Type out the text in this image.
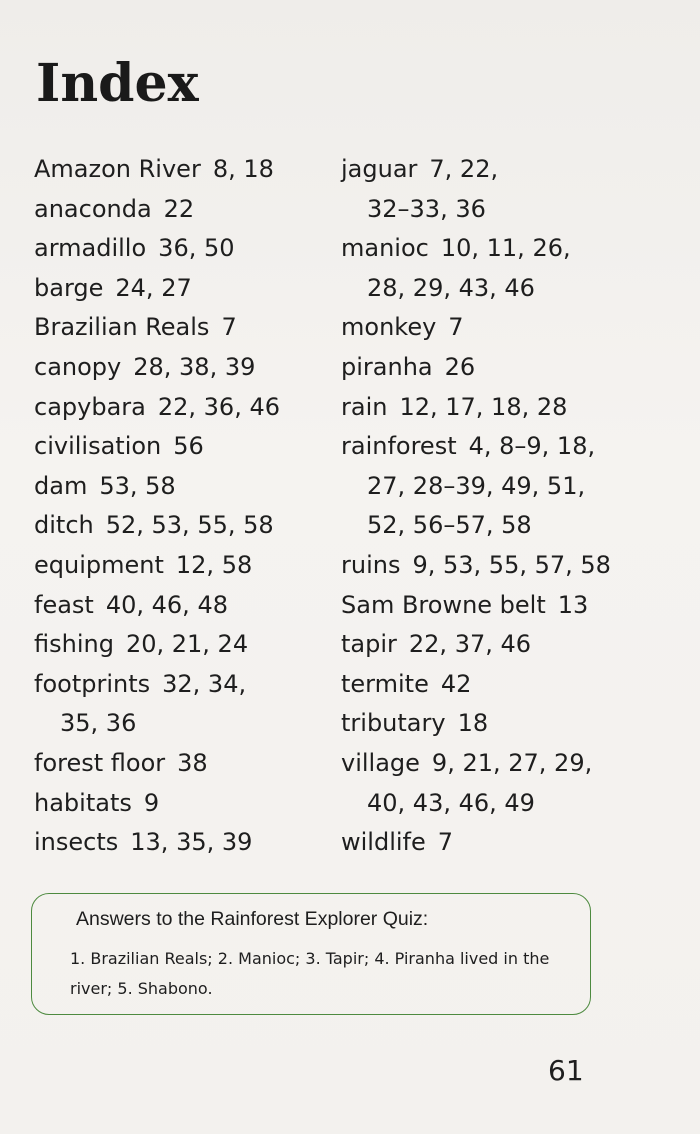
Index
Amazon River 8, 18
anaconda 22
armadillo 36, 50
barge 24, 27
Brazilian Reals 7
canopy 28, 38, 39
capybara 22, 36, 46
civilisation 56
dam 53, 58
ditch 52, 53, 55, 58
equipment 12, 58
feast 40, 46, 48
fishing 20, 21, 24
footprints 32, 34,
35, 36
forest floor 38
habitats 9
insects 13, 35, 39
jaguar 7, 22,
32–33, 36
manioc 10, 11, 26,
28, 29, 43, 46
monkey 7
piranha 26
rain 12, 17, 18, 28
rainforest 4, 8–9, 18,
27, 28–39, 49, 51,
52, 56–57, 58
ruins 9, 53, 55, 57, 58
Sam Browne belt 13
tapir 22, 37, 46
termite 42
tributary 18
village 9, 21, 27, 29,
40, 43, 46, 49
wildlife 7
Answers to the Rainforest Explorer Quiz:

1. Brazilian Reals; 2. Manioc; 3. Tapir; 4. Piranha lived in the river; 5. Shabono.

61
